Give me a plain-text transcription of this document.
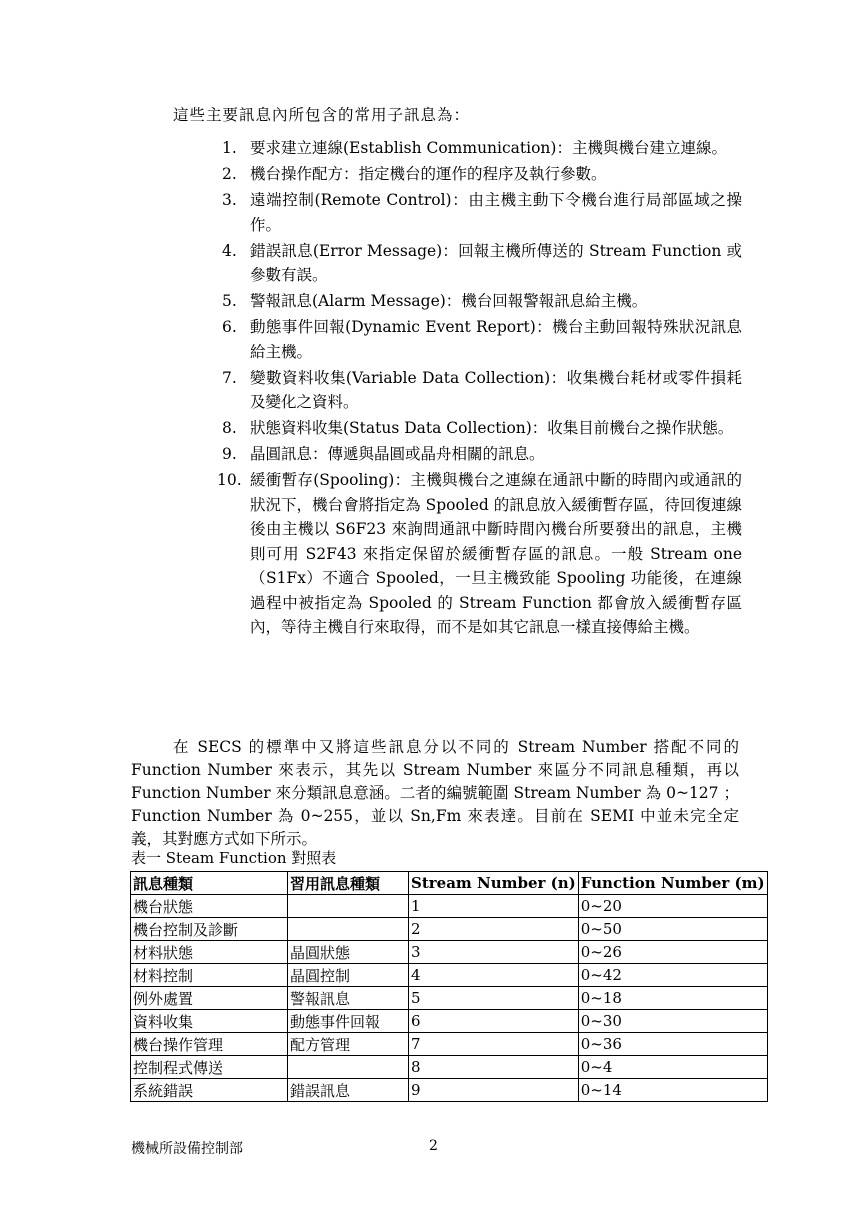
這些主要訊息內所包含的常用子訊息為：
1. 要求建立連線(Establish Communication)：主機與機台建立連線。
2. 機台操作配方：指定機台的運作的程序及執行參數。
3. 遠端控制(Remote Control)：由主機主動下令機台進行局部區域之操作。
4. 錯誤訊息(Error Message)：回報主機所傳送的 Stream Function 或參數有誤。
5. 警報訊息(Alarm Message)：機台回報警報訊息給主機。
6. 動態事件回報(Dynamic Event Report)：機台主動回報特殊狀況訊息給主機。
7. 變數資料收集(Variable Data Collection)：收集機台耗材或零件損耗及變化之資料。
8. 狀態資料收集(Status Data Collection)：收集目前機台之操作狀態。
9. 晶圓訊息：傳遞與晶圓或晶舟相關的訊息。
10. 緩衝暫存(Spooling)：主機與機台之連線在通訊中斷的時間內或通訊的狀況下，機台會將指定為 Spooled 的訊息放入緩衝暫存區，待回復連線後由主機以 S6F23 來詢問通訊中斷時間內機台所要發出的訊息，主機則可用 S2F43 來指定保留於緩衝暫存區的訊息。一般 Stream one（S1Fx）不適合 Spooled，一旦主機致能 Spooling 功能後，在連線過程中被指定為 Spooled 的 Stream Function 都會放入緩衝暫存區內，等待主機自行來取得，而不是如其它訊息一樣直接傳給主機。

在 SECS 的標準中又將這些訊息分以不同的 Stream Number 搭配不同的 Function Number 來表示，其先以 Stream Number 來區分不同訊息種類，再以 Function Number 來分類訊息意涵。二者的編號範圍 Stream Number 為 0~127 ；Function Number 為 0~255，並以 Sn,Fm 來表達。目前在 SEMI 中並未完全定義，其對應方式如下所示。

表一 Steam Function 對照表
訊息種類	習用訊息種類	Stream Number (n)	Function Number (m)
機台狀態		1	0~20
機台控制及診斷		2	0~50
材料狀態	晶圓狀態	3	0~26
材料控制	晶圓控制	4	0~42
例外處置	警報訊息	5	0~18
資料收集	動態事件回報	6	0~30
機台操作管理	配方管理	7	0~36
控制程式傳送		8	0~4
系統錯誤	錯誤訊息	9	0~14
機械所設備控制部	2
